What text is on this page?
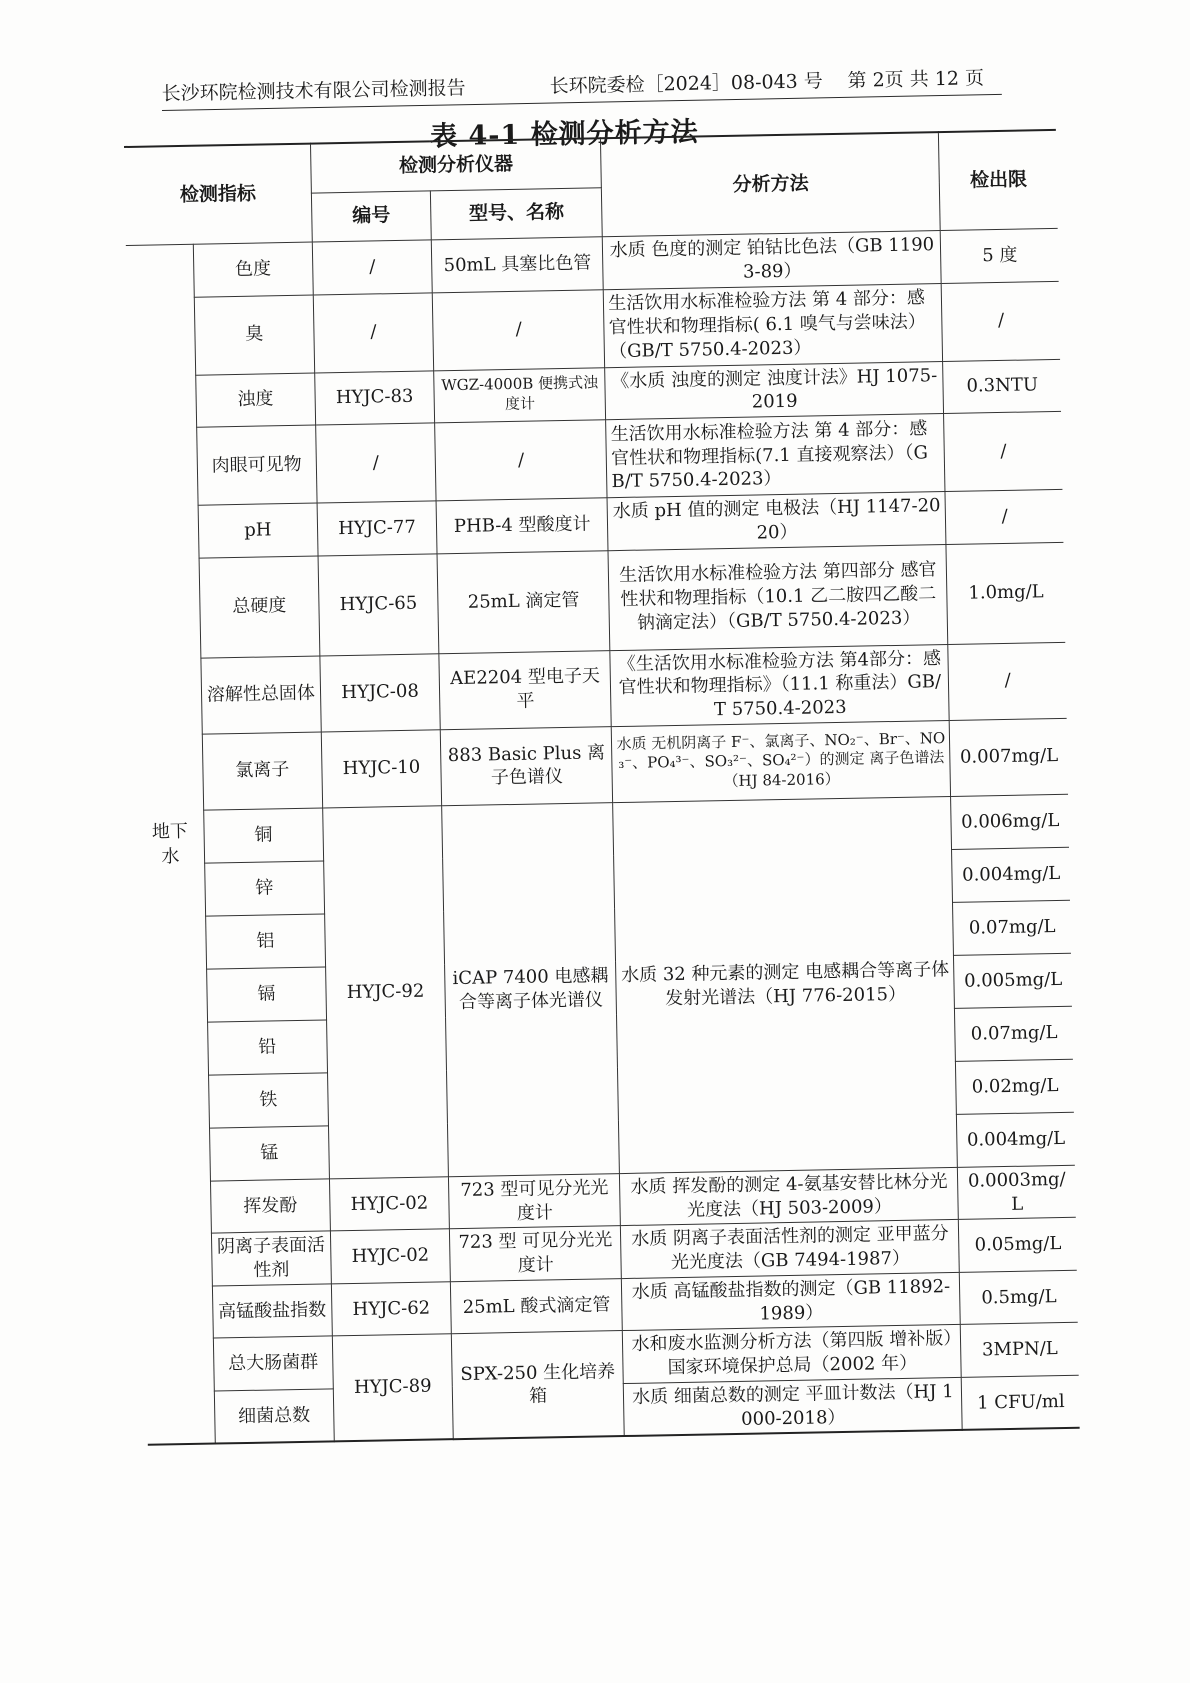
长沙环院检测技术有限公司检测报告	长环院委检［2024］08-043 号 第 2页 共 12 页
表 4-1 检测分析方法
检测指标		检测分析仪器		分析方法	检出限
		编号	型号、名称		

地下
水	色度	/	50mL 具塞比色管	水质 色度的测定 铂钴比色法（GB 11903-89）	5 度
	臭	/	/	生活饮用水标准检验方法 第 4 部分：感官性状和物理指标( 6.1 嗅气与尝味法）（GB/T 5750.4-2023）	/
	浊度	HYJC-83	WGZ-4000B 便携式浊度计	《水质 浊度的测定 浊度计法》HJ 1075-2019	0.3NTU
	肉眼可见物	/	/	生活饮用水标准检验方法 第 4 部分：感官性状和物理指标(7.1 直接观察法）（GB/T 5750.4-2023）	/
	pH	HYJC-77	PHB-4 型酸度计	水质 pH 值的测定 电极法（HJ 1147-2020）	/
	总硬度	HYJC-65	25mL 滴定管	生活饮用水标准检验方法 第四部分 感官性状和物理指标（10.1 乙二胺四乙酸二钠滴定法）（GB/T 5750.4-2023）	1.0mg/L
	溶解性总固体	HYJC-08	AE2204 型电子天平	《生活饮用水标准检验方法 第4部分：感官性状和物理指标》（11.1 称重法）GB/T 5750.4-2023	/
	氯离子	HYJC-10	883 Basic Plus 离子色谱仪	水质 无机阴离子 F⁻、氯离子、NO₂⁻、Br⁻、NO₃⁻、PO₄³⁻、SO₃²⁻、SO₄²⁻）的测定 离子色谱法（HJ 84-2016）	0.007mg/L
	铜	HYJC-92	iCAP 7400 电感耦合等离子体光谱仪	水质 32 种元素的测定 电感耦合等离子体发射光谱法（HJ 776-2015）	0.006mg/L
	锌				0.004mg/L
	铝				0.07mg/L
	镉				0.005mg/L
	铅				0.07mg/L
	铁				0.02mg/L
	锰				0.004mg/L
	挥发酚	HYJC-02	723 型可见分光光度计	水质 挥发酚的测定 4-氨基安替比林分光光度法（HJ 503-2009）	0.0003mg/L
	阴离子表面活性剂	HYJC-02	723 型 可见分光光度计	水质 阴离子表面活性剂的测定 亚甲蓝分光光度法（GB 7494-1987）	0.05mg/L
	高锰酸盐指数	HYJC-62	25mL 酸式滴定管	水质 高锰酸盐指数的测定（GB 11892-1989）	0.5mg/L
	总大肠菌群	HYJC-89	SPX-250 生化培养箱	水和废水监测分析方法（第四版 增补版）国家环境保护总局（2002 年）	3MPN/L
	细菌总数			水质 细菌总数的测定 平皿计数法（HJ 1000-2018）	1 CFU/ml
